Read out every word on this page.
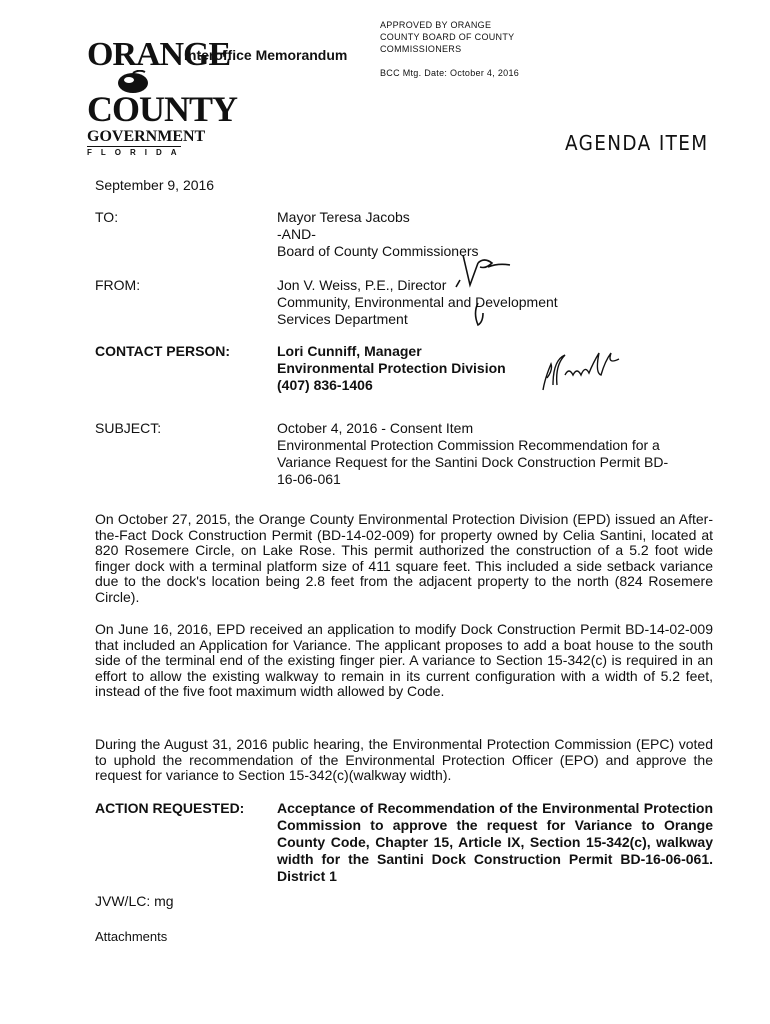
ORANGE
COUNTY
GOVERNMENT
FLORIDA
Interoffice Memorandum
APPROVED BY ORANGE
COUNTY BOARD OF COUNTY
COMMISSIONERS
BCC Mtg. Date: October 4, 2016
AGENDA ITEM
September 9, 2016
TO:	Mayor Teresa Jacobs
-AND-
Board of County Commissioners
FROM:	Jon V. Weiss, P.E., Director
Community, Environmental and Development
Services Department
CONTACT PERSON:	Lori Cunniff, Manager
Environmental Protection Division
(407) 836-1406
SUBJECT:	October 4, 2016 - Consent Item
Environmental Protection Commission Recommendation for a
Variance Request for the Santini Dock Construction Permit BD-
16-06-061
On October 27, 2015, the Orange County Environmental Protection Division (EPD) issued an After-the-Fact Dock Construction Permit (BD-14-02-009) for property owned by Celia Santini, located at 820 Rosemere Circle, on Lake Rose. This permit authorized the construction of a 5.2 foot wide finger dock with a terminal platform size of 411 square feet. This included a side setback variance due to the dock's location being 2.8 feet from the adjacent property to the north (824 Rosemere Circle).
On June 16, 2016, EPD received an application to modify Dock Construction Permit BD-14-02-009 that included an Application for Variance. The applicant proposes to add a boat house to the south side of the terminal end of the existing finger pier. A variance to Section 15-342(c) is required in an effort to allow the existing walkway to remain in its current configuration with a width of 5.2 feet, instead of the five foot maximum width allowed by Code.
During the August 31, 2016 public hearing, the Environmental Protection Commission (EPC) voted to uphold the recommendation of the Environmental Protection Officer (EPO) and approve the request for variance to Section 15-342(c)(walkway width).
ACTION REQUESTED: Acceptance of Recommendation of the Environmental Protection Commission to approve the request for Variance to Orange County Code, Chapter 15, Article IX, Section 15-342(c), walkway width for the Santini Dock Construction Permit BD-16-06-061. District 1
JVW/LC: mg
Attachments
